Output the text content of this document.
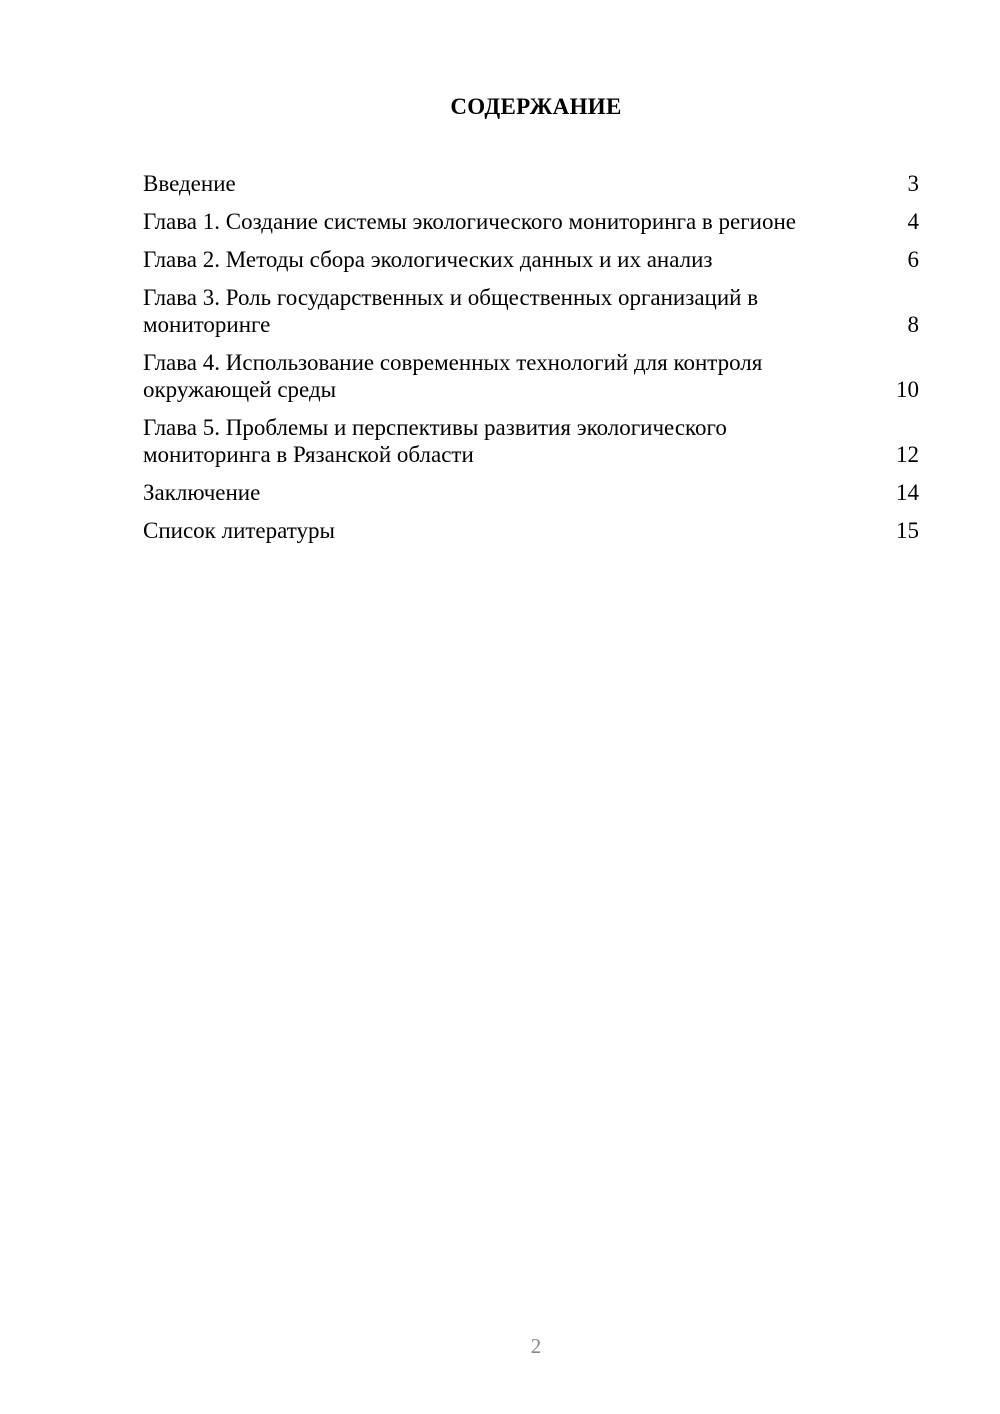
СОДЕРЖАНИЕ
Введение	3
Глава 1. Создание системы экологического мониторинга в регионе	4
Глава 2. Методы сбора экологических данных и их анализ	6
Глава 3. Роль государственных и общественных организаций в мониторинге	8
Глава 4. Использование современных технологий для контроля окружающей среды	10
Глава 5. Проблемы и перспективы развития экологического мониторинга в Рязанской области	12
Заключение	14
Список литературы	15
2
